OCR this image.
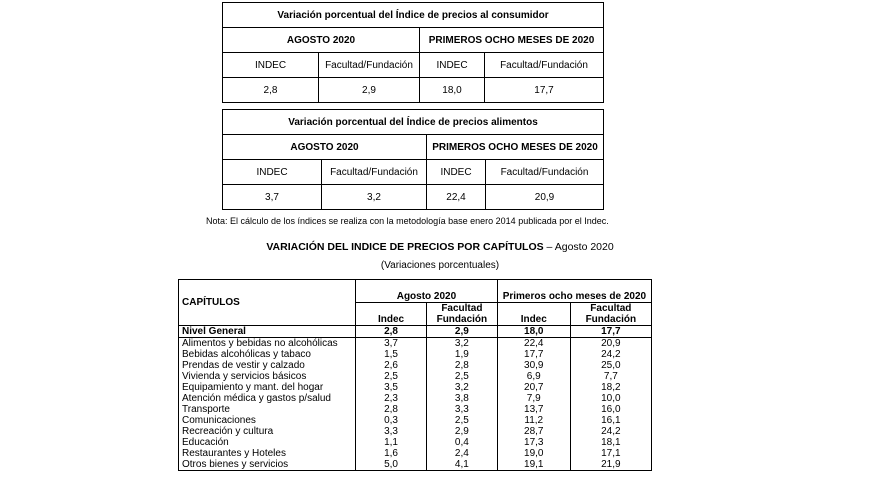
Variación porcentual del Índice de precios al consumidor			
AGOSTO 2020		PRIMEROS OCHO MESES DE 2020	
INDEC	Facultad/Fundación	INDEC	Facultad/Fundación
2,8	2,9	18,0	17,7
Variación porcentual del Índice de precios alimentos			
AGOSTO 2020		PRIMEROS OCHO MESES DE 2020	
INDEC	Facultad/Fundación	INDEC	Facultad/Fundación
3,7	3,2	22,4	20,9
Nota: El cálculo de los índices se realiza con la metodología base enero 2014 publicada por el Indec.
VARIACIÓN DEL INDICE DE PRECIOS POR CAPÍTULOS – Agosto 2020
(Variaciones porcentuales)
CAPÍTULOS	Agosto 2020		Primeros ocho meses de 2020	
	Indec	Facultad	Indec	Facultad
		Fundación		Fundación
Nivel General	2,8	2,9	18,0	17,7
Alimentos y bebidas no alcohólicas	3,7	3,2	22,4	20,9
Bebidas alcohólicas y tabaco	1,5	1,9	17,7	24,2
Prendas de vestir y calzado	2,6	2,8	30,9	25,0
Vivienda y servicios básicos	2,5	2,5	6,9	7,7
Equipamiento y mant. del hogar	3,5	3,2	20,7	18,2
Atención médica y gastos p/salud	2,3	3,8	7,9	10,0
Transporte	2,8	3,3	13,7	16,0
Comunicaciones	0,3	2,5	11,2	16,1
Recreación y cultura	3,3	2,9	28,7	24,2
Educación	1,1	0,4	17,3	18,1
Restaurantes y Hoteles	1,6	2,4	19,0	17,1
Otros bienes y servicios	5,0	4,1	19,1	21,9
